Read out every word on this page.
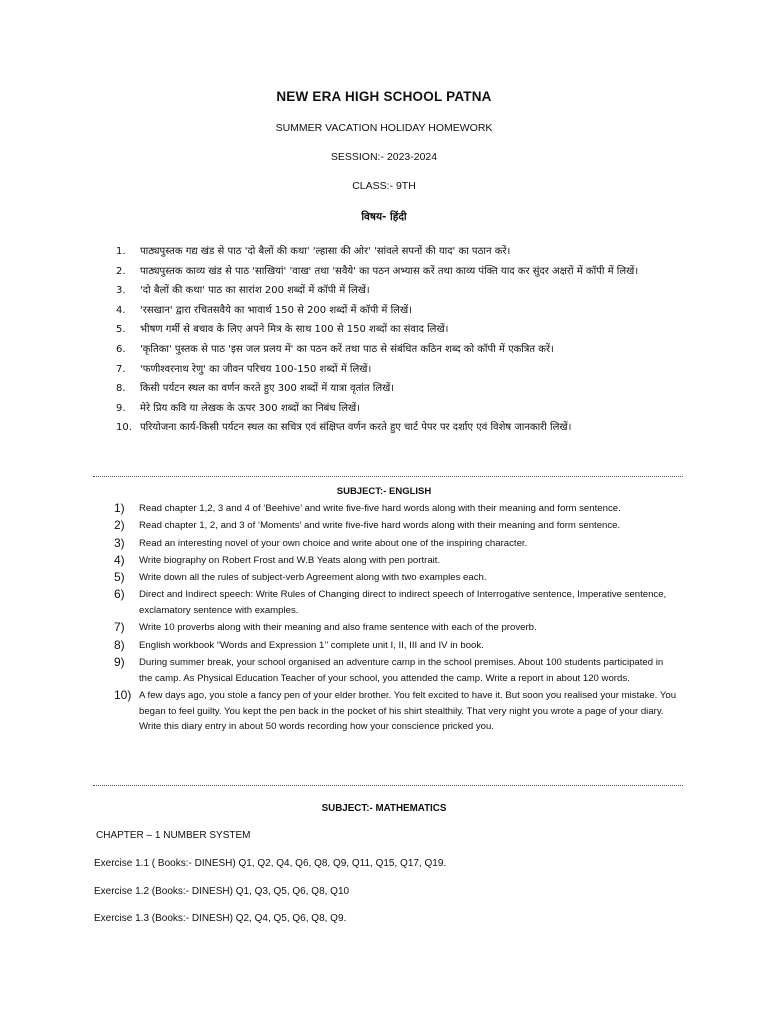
NEW ERA HIGH SCHOOL PATNA
SUMMER VACATION HOLIDAY HOMEWORK
SESSION:- 2023-2024
CLASS:- 9TH
विषय- हिंदी
1.	पाठ्यपुस्तक गद्य खंड से पाठ 'दो बैलों की कथा' 'ल्हासा की ओर' 'सांवले सपनों की याद' का पठान करें।
2.	पाठ्यपुस्तक काव्य खंड से पाठ 'साखियां' 'वाख' तथा 'सवैये' का पठन अभ्यास करें तथा काव्य पंक्ति याद कर सुंदर अक्षरों में कॉपी में लिखें।
3.	'दो बैलों की कथा' पाठ का सारांश 200 शब्दों में कॉपी में लिखें।
4.	'रसखान' द्वारा रचितसवैये का भावार्थ 150 से 200 शब्दों में कॉपी में लिखें।
5.	भीषण गर्मी से बचाव के लिए अपने मित्र के साथ 100 से 150 शब्दों का संवाद लिखें।
6.	'कृतिका' पुस्तक से पाठ 'इस जल प्रलय में' का पठन करें तथा पाठ से संबंधित कठिन शब्द को कॉपी में एकत्रित करें।
7.	'फणीश्वरनाथ रेणु' का जीवन परिचय 100-150 शब्दों में लिखें।
8.	किसी पर्यटन स्थल का वर्णन करते हुए 300 शब्दों में यात्रा वृतांत लिखें।
9.	मेरे प्रिय कवि या लेखक के ऊपर 300 शब्दों का निबंध लिखें।
10. परियोजना कार्य-किसी पर्यटन स्थल का सचित्र एवं संक्षिप्त वर्णन करते हुए चार्ट पेपर पर दर्शाए एवं विशेष जानकारी लिखें।
SUBJECT:- ENGLISH
1)	Read chapter 1,2, 3 and 4 of ‘Beehive’ and write five-five hard words along with their meaning and form sentence.
2)	Read chapter 1, 2, and 3 of ‘Moments’ and write five-five hard words along with their meaning and form sentence.
3)	Read an interesting novel of your own choice and write about one of the inspiring character.
4)	Write biography on Robert Frost and W.B Yeats along with pen portrait.
5)	Write down all the rules of subject-verb Agreement along with two examples each.
6)	Direct and Indirect speech: Write Rules of Changing direct to indirect speech of Interrogative sentence, Imperative sentence, exclamatory sentence with examples.
7)	Write 10 proverbs along with their meaning and also frame sentence with each of the proverb.
8)	English workbook “Words and Expression 1’’ complete unit I, II, III and IV in book.
9)	During summer break, your school organised an adventure camp in the school premises. About 100 students participated in the camp. As Physical Education Teacher of your school, you attended the camp. Write a report in about 120 words.
10) A few days ago, you stole a fancy pen of your elder brother. You felt excited to have it. But soon you realised your mistake. You began to feel guilty. You kept the pen back in the pocket of his shirt stealthily. That very night you wrote a page of your diary. Write this diary entry in about 50 words recording how your conscience pricked you.
SUBJECT:- MATHEMATICS
CHAPTER – 1 NUMBER SYSTEM
Exercise 1.1 ( Books:- DINESH) Q1, Q2, Q4, Q6, Q8, Q9, Q11, Q15, Q17, Q19.
Exercise 1.2 (Books:- DINESH) Q1, Q3, Q5, Q6, Q8, Q10
Exercise 1.3 (Books:- DINESH) Q2, Q4, Q5, Q6, Q8, Q9.
